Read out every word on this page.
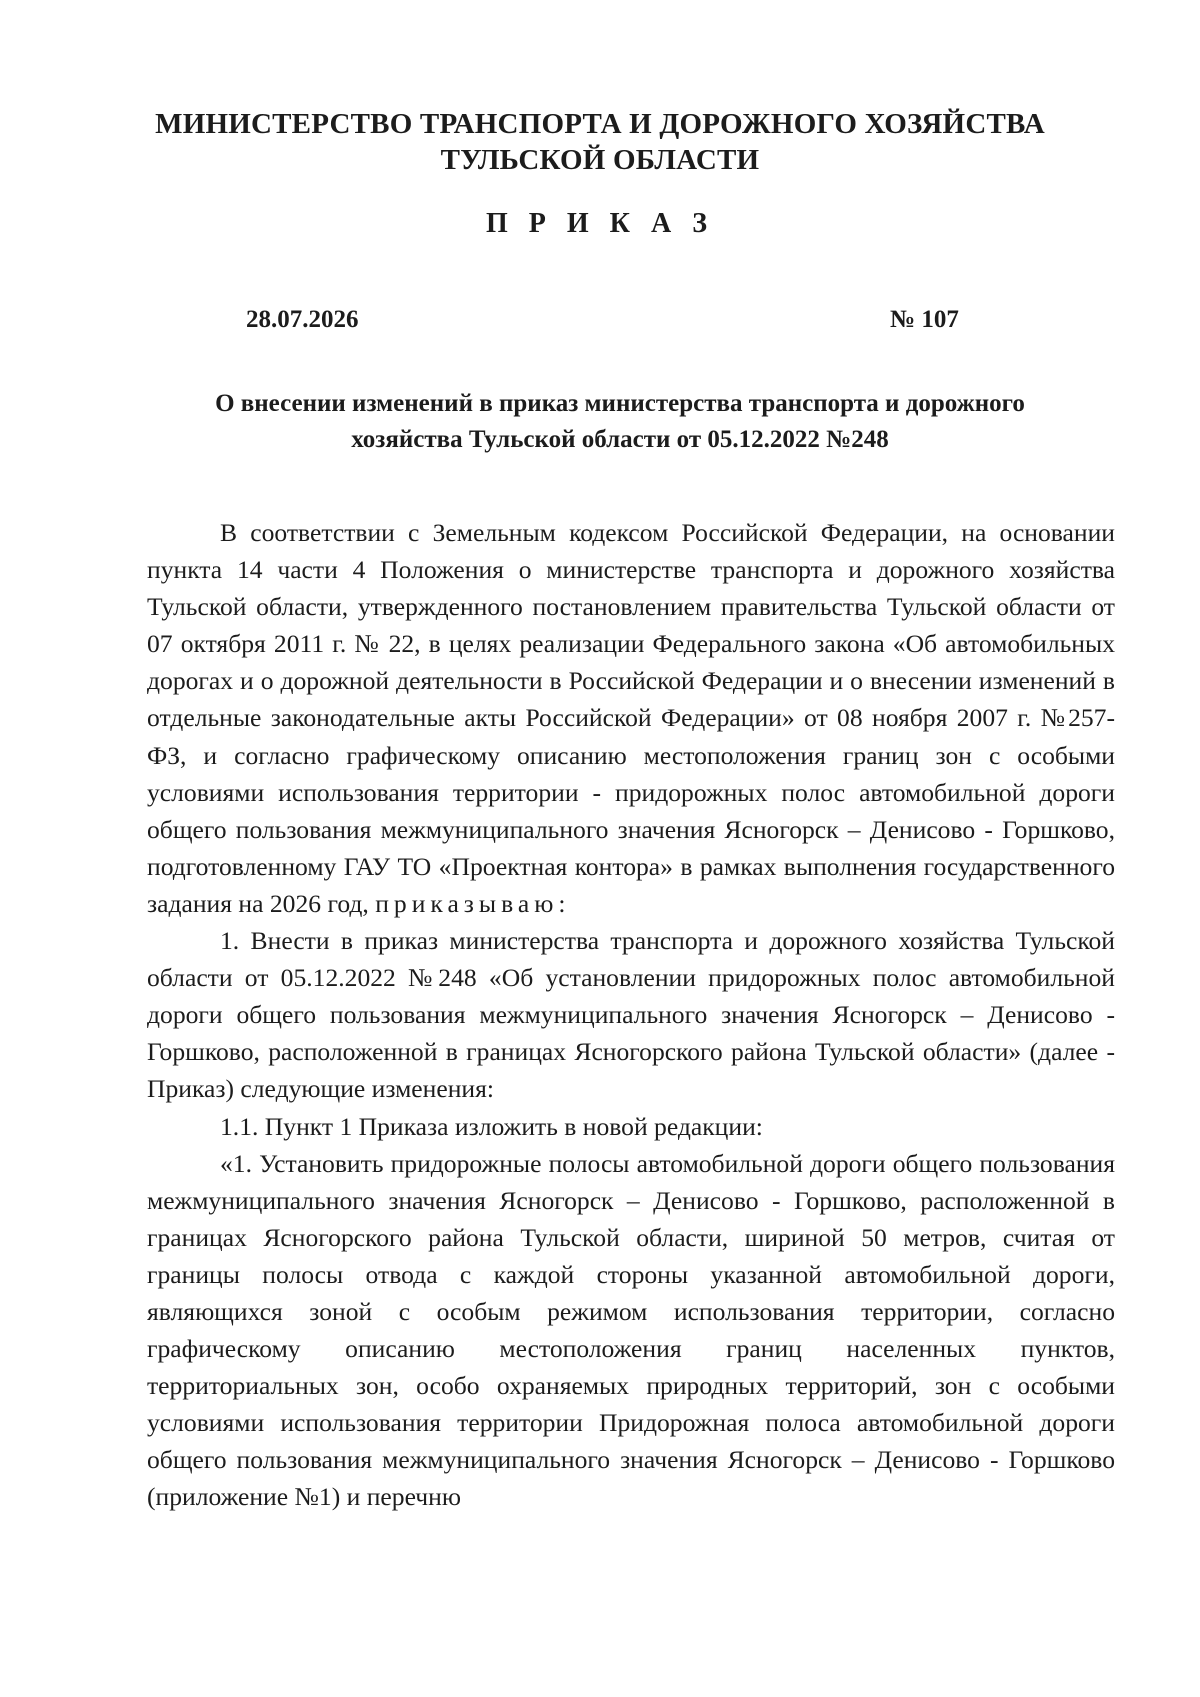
МИНИСТЕРСТВО ТРАНСПОРТА И ДОРОЖНОГО ХОЗЯЙСТВА
ТУЛЬСКОЙ ОБЛАСТИ
П Р И К А З
28.07.2026	№ 107
О внесении изменений в приказ министерства транспорта и дорожного
хозяйства Тульской области от 05.12.2022 №248

В соответствии с Земельным кодексом Российской Федерации, на основании пункта 14 части 4 Положения о министерстве транспорта и дорожного хозяйства Тульской области, утвержденного постановлением правительства Тульской области от 07 октября 2011 г. № 22, в целях реализации Федерального закона «Об автомобильных дорогах и о дорожной деятельности в Российской Федерации и о внесении изменений в отдельные законодательные акты Российской Федерации» от 08 ноября 2007 г. №257-ФЗ, и согласно графическому описанию местоположения границ зон с особыми условиями использования территории - придорожных полос автомобильной дороги общего пользования межмуниципального значения Ясногорск – Денисово - Горшково, подготовленному ГАУ ТО «Проектная контора» в рамках выполнения государственного задания на 2026 год, приказываю:

1. Внести в приказ министерства транспорта и дорожного хозяйства Тульской области от 05.12.2022 №248 «Об установлении придорожных полос автомобильной дороги общего пользования межмуниципального значения Ясногорск – Денисово - Горшково, расположенной в границах Ясногорского района Тульской области» (далее - Приказ) следующие изменения:

1.1. Пункт 1 Приказа изложить в новой редакции:

«1. Установить придорожные полосы автомобильной дороги общего пользования межмуниципального значения Ясногорск – Денисово - Горшково, расположенной в границах Ясногорского района Тульской области, шириной 50 метров, считая от границы полосы отвода с каждой стороны указанной автомобильной дороги, являющихся зоной с особым режимом использования территории, согласно графическому описанию местоположения границ населенных пунктов, территориальных зон, особо охраняемых природных территорий, зон с особыми условиями использования территории Придорожная полоса автомобильной дороги общего пользования межмуниципального значения Ясногорск – Денисово - Горшково (приложение №1) и перечню
